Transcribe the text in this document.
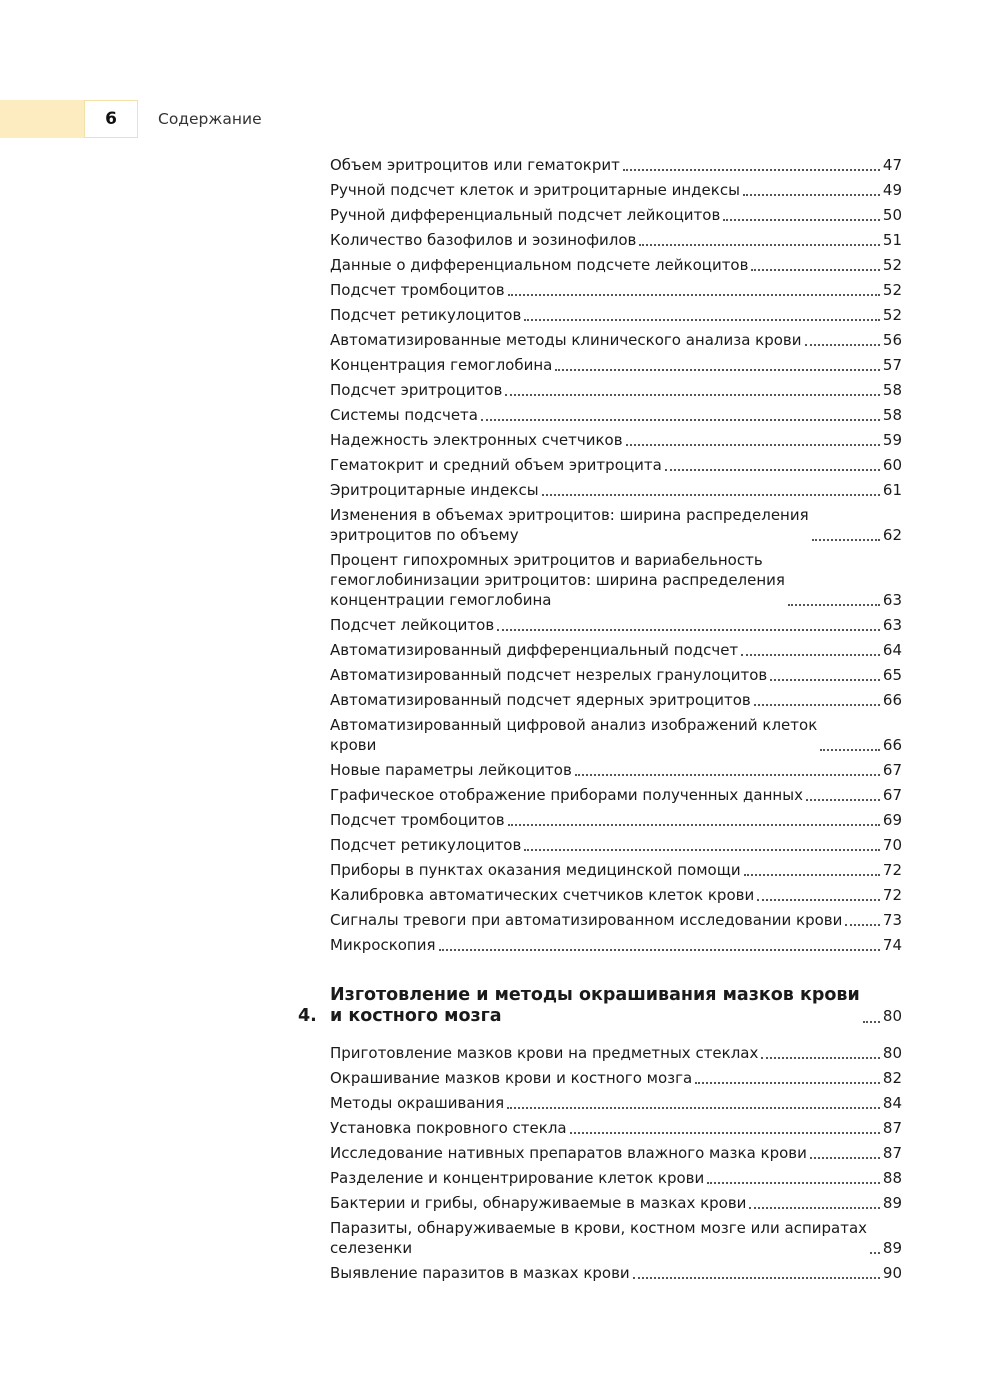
6	Содержание
Объем эритроцитов или гематокрит	47
Ручной подсчет клеток и эритроцитарные индексы	49
Ручной дифференциальный подсчет лейкоцитов	50
Количество базофилов и эозинофилов	51
Данные о дифференциальном подсчете лейкоцитов	52
Подсчет тромбоцитов	52
Подсчет ретикулоцитов	52
Автоматизированные методы клинического анализа крови	56
Концентрация гемоглобина	57
Подсчет эритроцитов	58
Системы подсчета	58
Надежность электронных счетчиков	59
Гематокрит и средний объем эритроцита	60
Эритроцитарные индексы	61
Изменения в объемах эритроцитов: ширина распределения
эритроцитов по объему	62
Процент гипохромных эритроцитов и вариабельность
гемоглобинизации эритроцитов: ширина распределения
концентрации гемоглобина	63
Подсчет лейкоцитов	63
Автоматизированный дифференциальный подсчет	64
Автоматизированный подсчет незрелых гранулоцитов	65
Автоматизированный подсчет ядерных эритроцитов	66
Автоматизированный цифровой анализ изображений клеток
крови	66
Новые параметры лейкоцитов	67
Графическое отображение приборами полученных данных	67
Подсчет тромбоцитов	69
Подсчет ретикулоцитов	70
Приборы в пунктах оказания медицинской помощи	72
Калибровка автоматических счетчиков клеток крови	72
Сигналы тревоги при автоматизированном исследовании крови	73
Микроскопия	74
4.
Изготовление и методы окрашивания мазков крови
и костного мозга	80
Приготовление мазков крови на предметных стеклах	80
Окрашивание мазков крови и костного мозга	82
Методы окрашивания	84
Установка покровного стекла	87
Исследование нативных препаратов влажного мазка крови	87
Разделение и концентрирование клеток крови	88
Бактерии и грибы, обнаруживаемые в мазках крови	89
Паразиты, обнаруживаемые в крови, костном мозге или аспиратах
селезенки	89
Выявление паразитов в мазках крови	90
